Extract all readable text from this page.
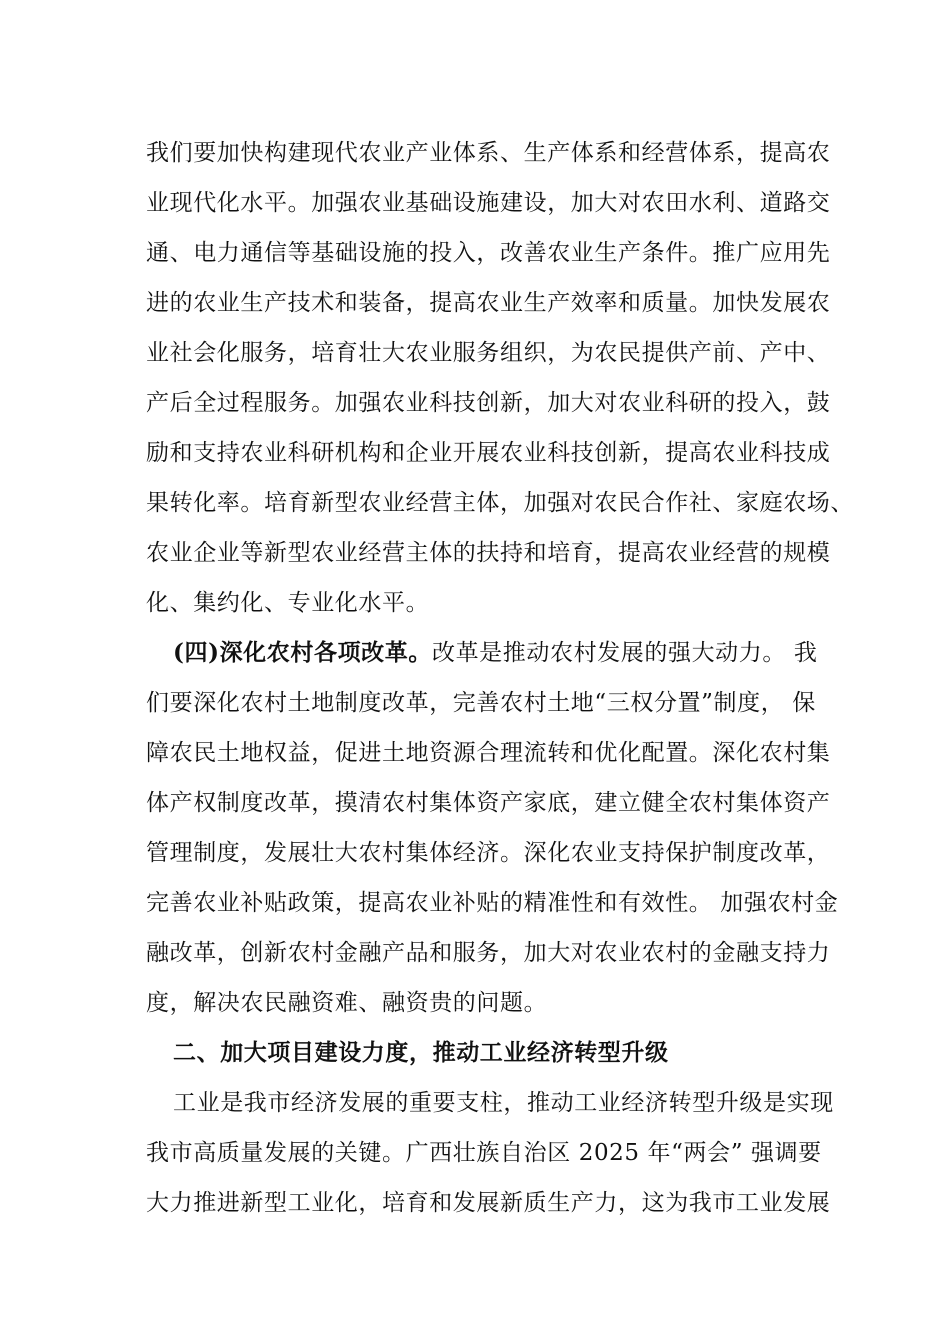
我们要加快构建现代农业产业体系、生产体系和经营体系，提高农
业现代化水平。加强农业基础设施建设，加大对农田水利、道路交
通、电力通信等基础设施的投入，改善农业生产条件。推广应用先
进的农业生产技术和装备，提高农业生产效率和质量。加快发展农
业社会化服务，培育壮大农业服务组织，为农民提供产前、产中、
产后全过程服务。加强农业科技创新，加大对农业科研的投入，鼓
励和支持农业科研机构和企业开展农业科技创新，提高农业科技成
果转化率。培育新型农业经营主体，加强对农民合作社、家庭农场、
农业企业等新型农业经营主体的扶持和培育，提高农业经营的规模
化、集约化、专业化水平。
(四)深化农村各项改革。改革是推动农村发展的强大动力。 我
们要深化农村土地制度改革，完善农村土地“三权分置”制度， 保
障农民土地权益，促进土地资源合理流转和优化配置。深化农村集
体产权制度改革，摸清农村集体资产家底，建立健全农村集体资产
管理制度，发展壮大农村集体经济。深化农业支持保护制度改革，
完善农业补贴政策，提高农业补贴的精准性和有效性。 加强农村金
融改革，创新农村金融产品和服务，加大对农业农村的金融支持力
度，解决农民融资难、融资贵的问题。
二、加大项目建设力度，推动工业经济转型升级
工业是我市经济发展的重要支柱，推动工业经济转型升级是实现
我市高质量发展的关键。广西壮族自治区 2025 年“两会” 强调要
大力推进新型工业化，培育和发展新质生产力，这为我市工业发展
